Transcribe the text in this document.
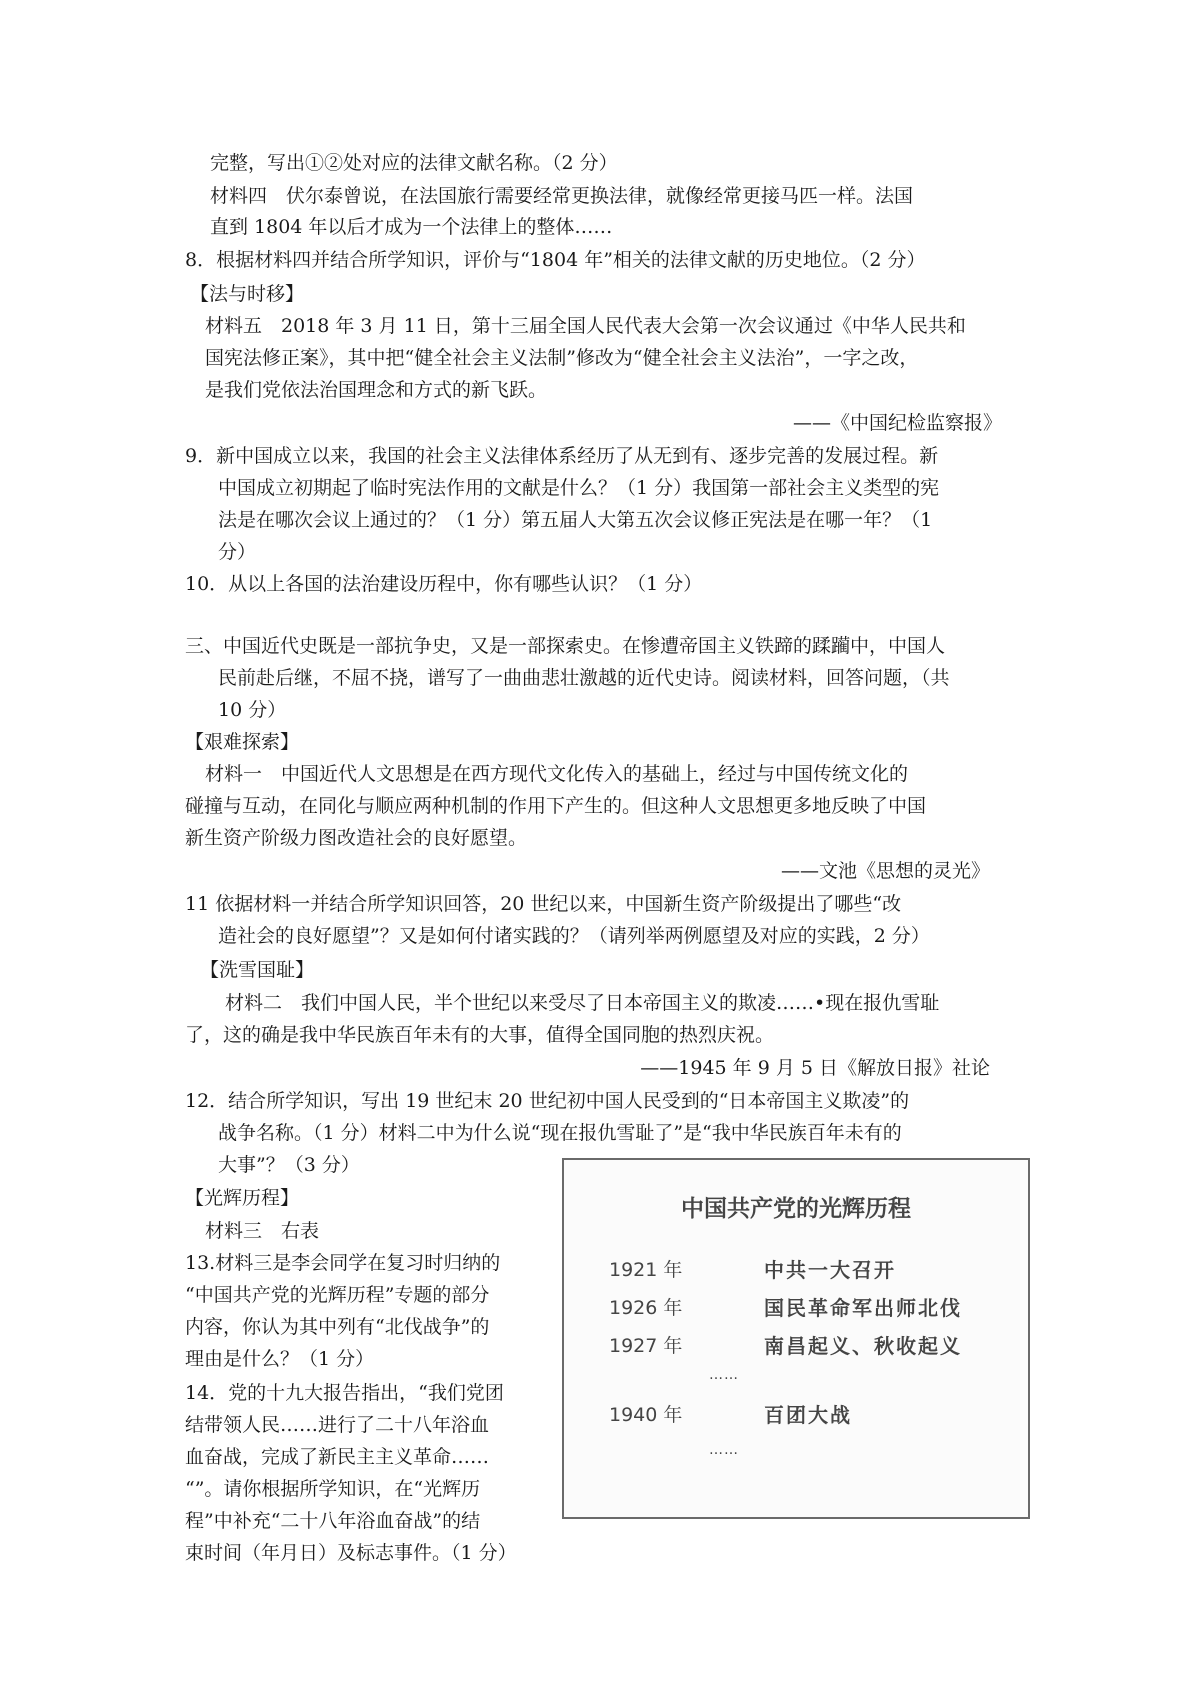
完整，写出①②处对应的法律文献名称。（2 分）
材料四　伏尔泰曾说，在法国旅行需要经常更换法律，就像经常更接马匹一样。法国
直到 1804 年以后才成为一个法律上的整体……
8．根据材料四并结合所学知识，评价与“1804 年”相关的法律文献的历史地位。（2 分）
【法与时移】
材料五　2018 年 3 月 11 日，第十三届全国人民代表大会第一次会议通过《中华人民共和
国宪法修正案》，其中把“健全社会主义法制”修改为“健全社会主义法治”，一字之改，
是我们党依法治国理念和方式的新飞跃。
——《中国纪检监察报》
9．新中国成立以来，我国的社会主义法律体系经历了从无到有、逐步完善的发展过程。新
中国成立初期起了临时宪法作用的文献是什么？（1 分）我国第一部社会主义类型的宪
法是在哪次会议上通过的？（1 分）第五届人大第五次会议修正宪法是在哪一年？（1
分）
10．从以上各国的法治建设历程中，你有哪些认识？（1 分）
三、中国近代史既是一部抗争史，又是一部探索史。在惨遭帝国主义铁蹄的蹂躏中，中国人
民前赴后继，不屈不挠，谱写了一曲曲悲壮激越的近代史诗。阅读材料，回答问题，（共
10 分）
【艰难探索】
材料一　中国近代人文思想是在西方现代文化传入的基础上，经过与中国传统文化的
碰撞与互动，在同化与顺应两种机制的作用下产生的。但这种人文思想更多地反映了中国
新生资产阶级力图改造社会的良好愿望。
——文池《思想的灵光》
11 依据材料一并结合所学知识回答，20 世纪以来，中国新生资产阶级提出了哪些“改
造社会的良好愿望”？又是如何付诸实践的？（请列举两例愿望及对应的实践，2 分）
【洗雪国耻】
材料二　我们中国人民，半个世纪以来受尽了日本帝国主义的欺凌……•现在报仇雪耻
了，这的确是我中华民族百年未有的大事，值得全国同胞的热烈庆祝。
——1945 年 9 月 5 日《解放日报》社论
12．结合所学知识，写出 19 世纪末 20 世纪初中国人民受到的“日本帝国主义欺凌”的
战争名称。（1 分）材料二中为什么说“现在报仇雪耻了”是“我中华民族百年未有的
大事”？（3 分）
【光辉历程】
材料三　右表
13.材料三是李会同学在复习时归纳的
“中国共产党的光辉历程”专题的部分
内容，你认为其中列有“北伐战争”的
理由是什么？（1 分）
14．党的十九大报告指出，“我们党团
结带领人民……进行了二十八年浴血
血奋战，完成了新民主主义革命……
“”。请你根据所学知识，在“光辉历
程”中补充“二十八年浴血奋战”的结
束时间（年月日）及标志事件。（1 分）
中国共产党的光辉历程
1921 年	中共一大召开
1926 年	国民革命军出师北伐
1927 年	南昌起义、秋收起义
……
1940 年	百团大战
……
